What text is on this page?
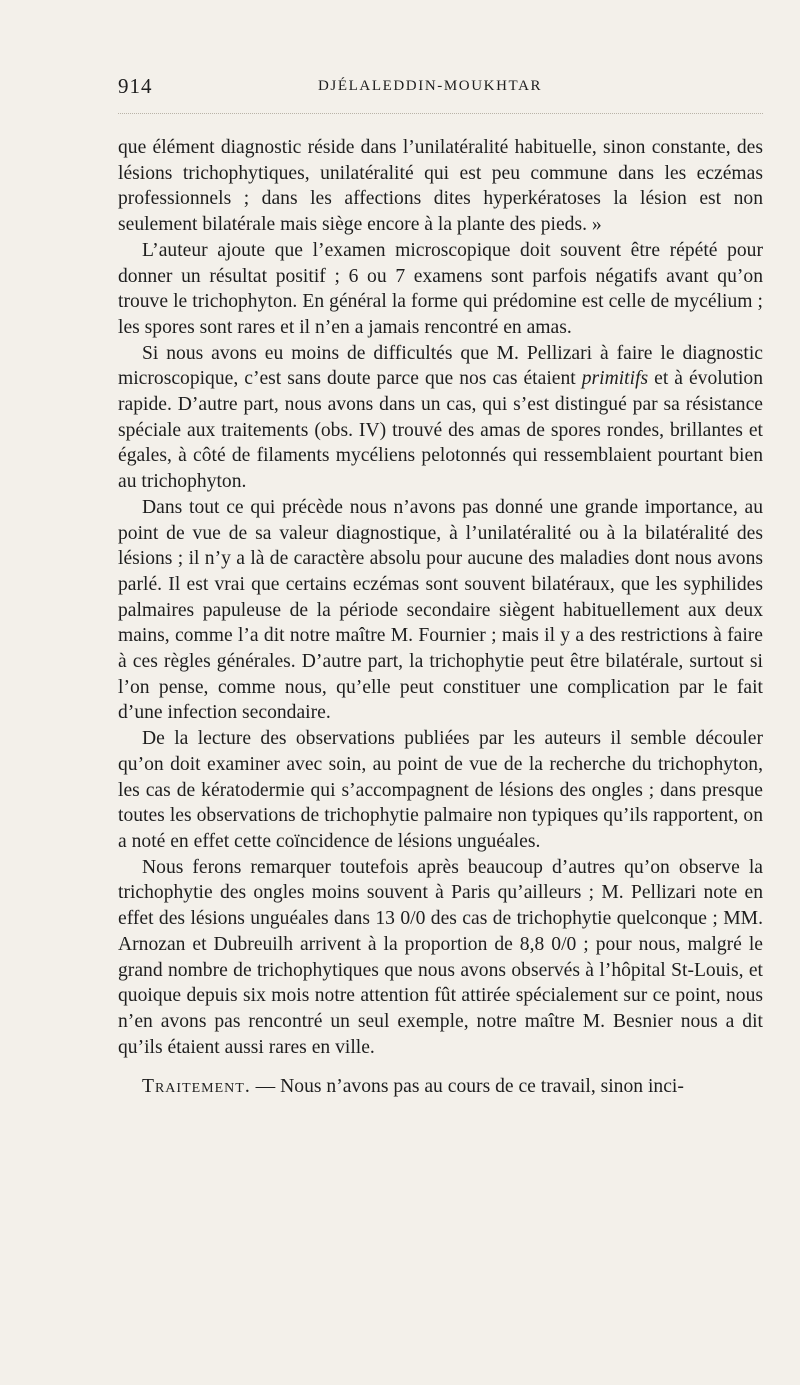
914	DJÉLALEDDIN-MOUKHTAR

que élément diagnostic réside dans l’unilatéralité habituelle, sinon constante, des lésions trichophytiques, unilatéralité qui est peu commune dans les eczémas professionnels ; dans les affections dites hyperkératoses la lésion est non seulement bilatérale mais siège encore à la plante des pieds. »

L’auteur ajoute que l’examen microscopique doit souvent être répété pour donner un résultat positif ; 6 ou 7 examens sont parfois négatifs avant qu’on trouve le trichophyton. En général la forme qui prédomine est celle de mycélium ; les spores sont rares et il n’en a jamais rencontré en amas.

Si nous avons eu moins de difficultés que M. Pellizari à faire le diagnostic microscopique, c’est sans doute parce que nos cas étaient primitifs et à évolution rapide. D’autre part, nous avons dans un cas, qui s’est distingué par sa résistance spéciale aux traitements (obs. IV) trouvé des amas de spores rondes, brillantes et égales, à côté de filaments mycéliens pelotonnés qui ressemblaient pourtant bien au trichophyton.

Dans tout ce qui précède nous n’avons pas donné une grande importance, au point de vue de sa valeur diagnostique, à l’unilatéralité ou à la bilatéralité des lésions ; il n’y a là de caractère absolu pour aucune des maladies dont nous avons parlé. Il est vrai que certains eczémas sont souvent bilatéraux, que les syphilides palmaires papuleuse de la période secondaire siègent habituellement aux deux mains, comme l’a dit notre maître M. Fournier ; mais il y a des restrictions à faire à ces règles générales. D’autre part, la trichophytie peut être bilatérale, surtout si l’on pense, comme nous, qu’elle peut constituer une complication par le fait d’une infection secondaire.

De la lecture des observations publiées par les auteurs il semble découler qu’on doit examiner avec soin, au point de vue de la recherche du trichophyton, les cas de kératodermie qui s’accompagnent de lésions des ongles ; dans presque toutes les observations de trichophytie palmaire non typiques qu’ils rapportent, on a noté en effet cette coïncidence de lésions unguéales.

Nous ferons remarquer toutefois après beaucoup d’autres qu’on observe la trichophytie des ongles moins souvent à Paris qu’ailleurs ; M. Pellizari note en effet des lésions unguéales dans 13 0/0 des cas de trichophytie quelconque ; MM. Arnozan et Dubreuilh arrivent à la proportion de 8,8 0/0 ; pour nous, malgré le grand nombre de trichophytiques que nous avons observés à l’hôpital St-Louis, et quoique depuis six mois notre attention fût attirée spécialement sur ce point, nous n’en avons pas rencontré un seul exemple, notre maître M. Besnier nous a dit qu’ils étaient aussi rares en ville.

Traitement. — Nous n’avons pas au cours de ce travail, sinon inci-
